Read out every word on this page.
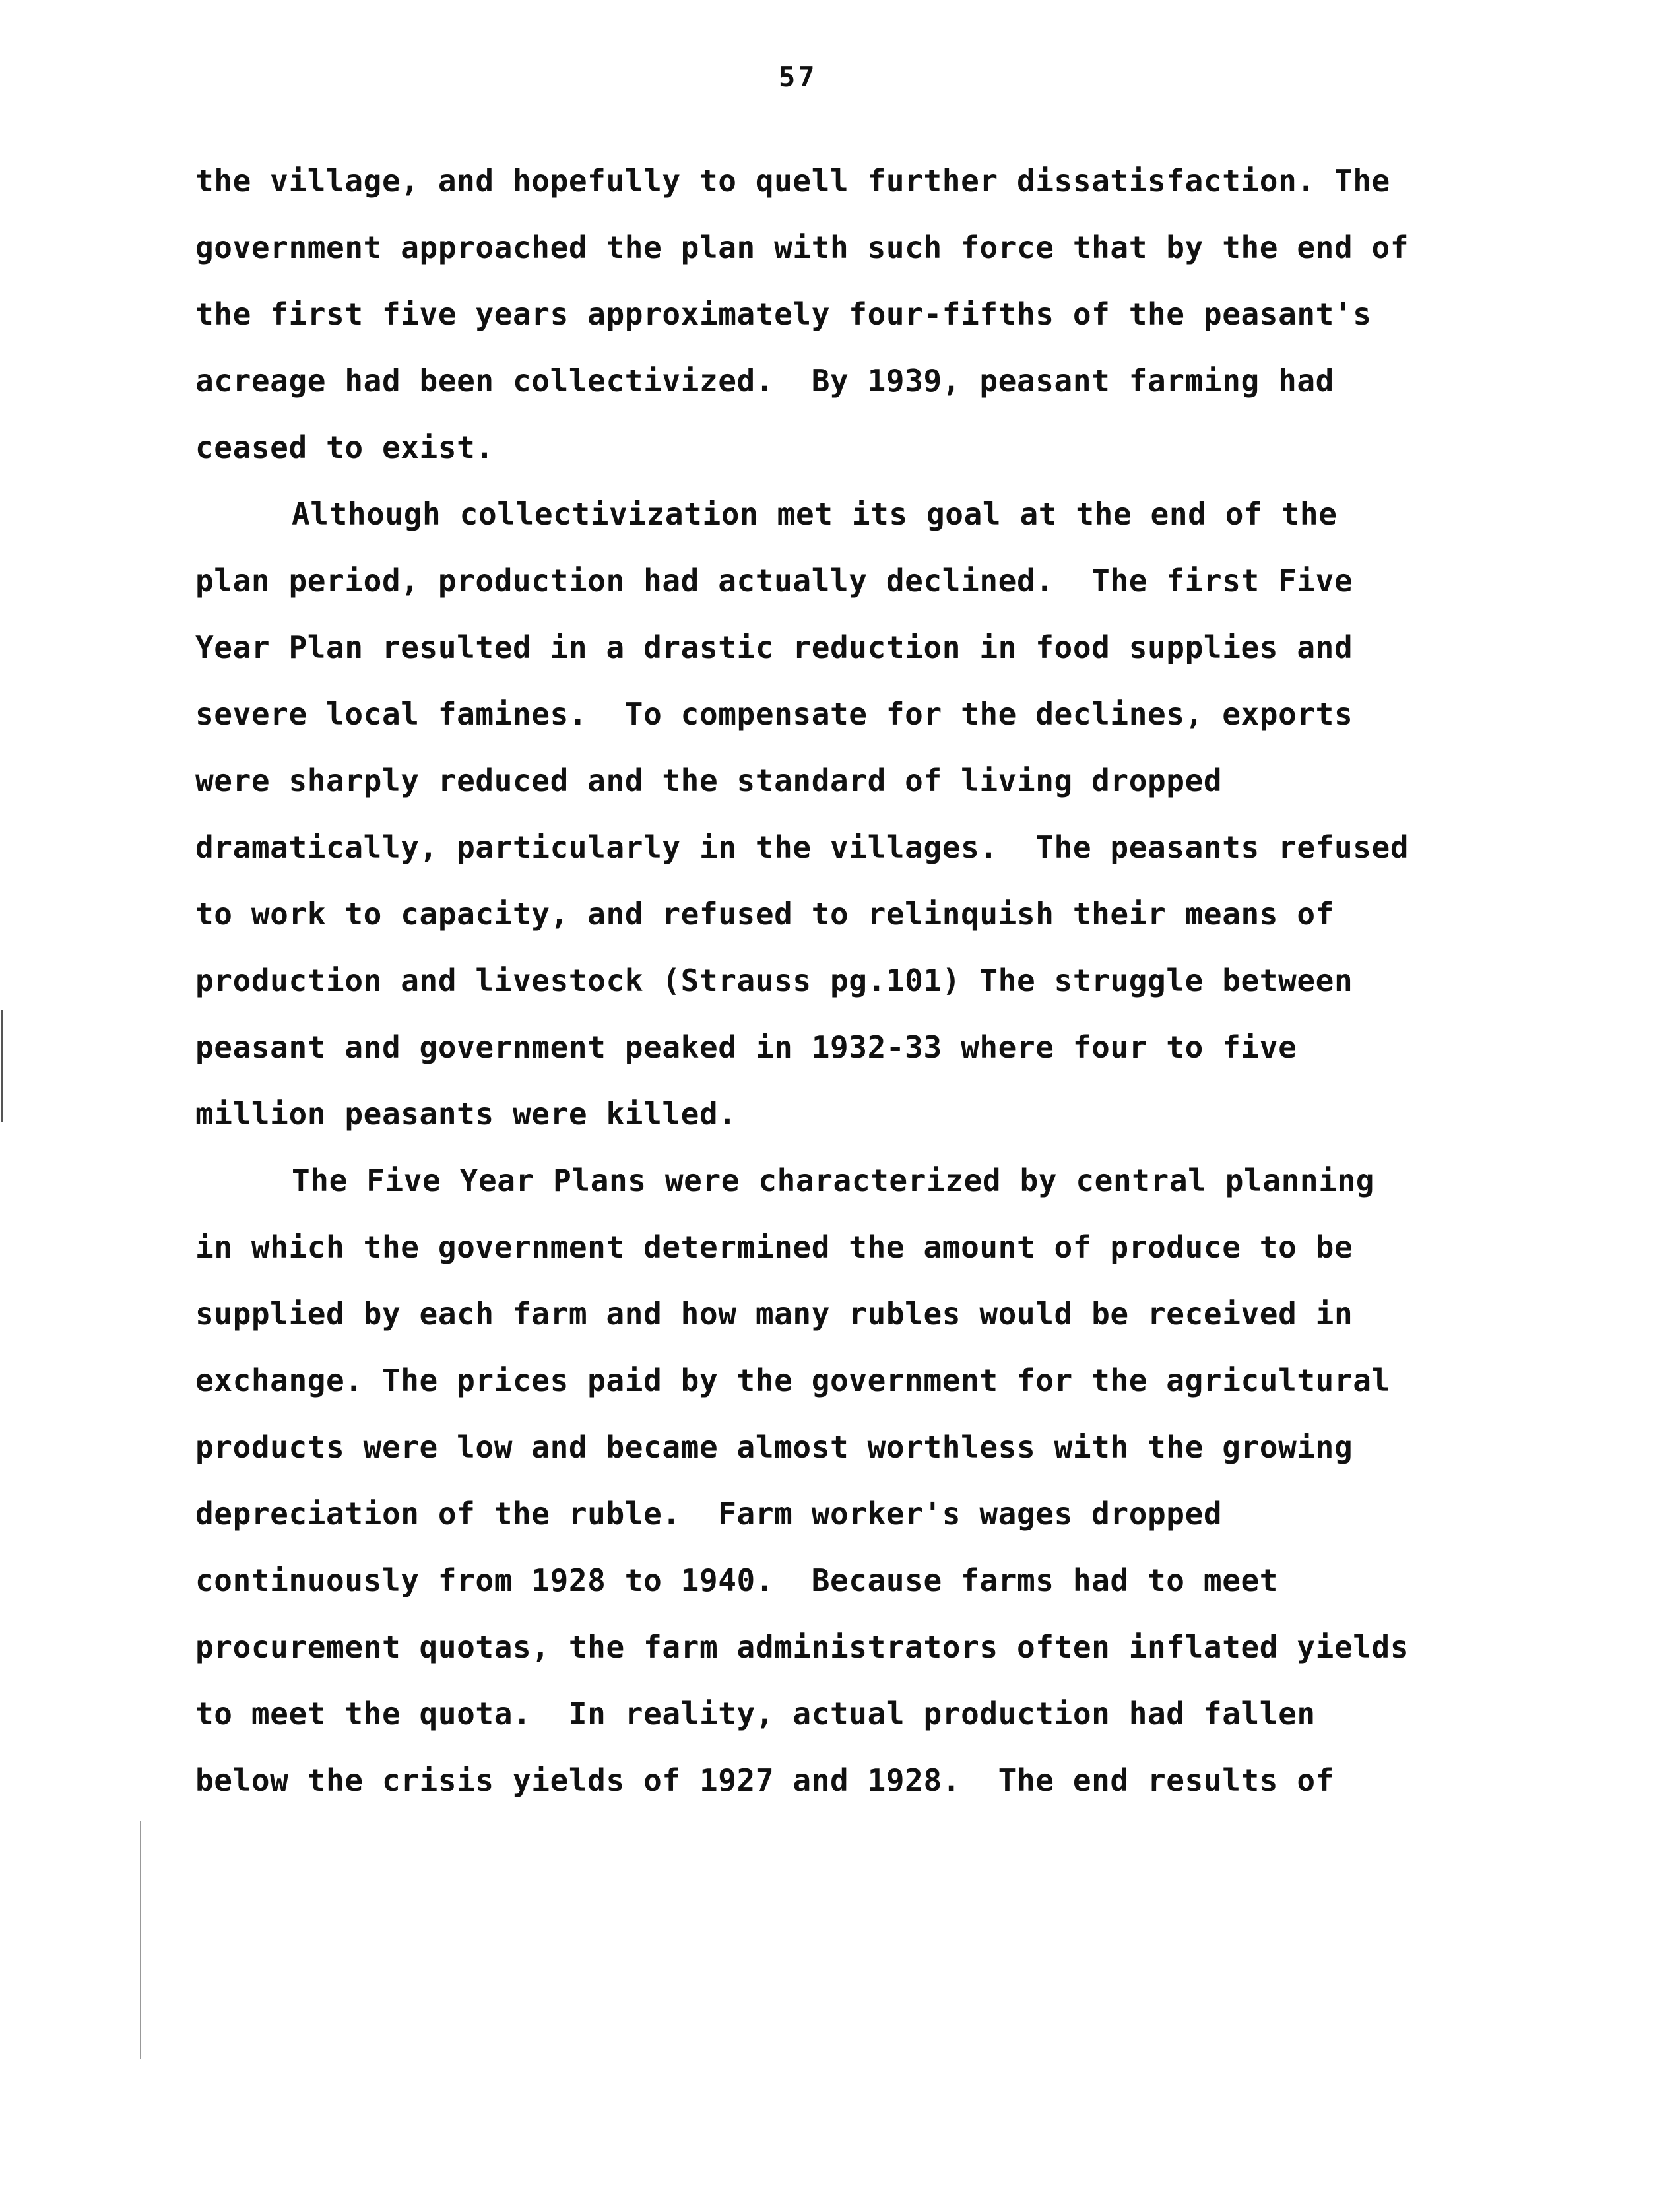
57
the village, and hopefully to quell further dissatisfaction. The
government approached the plan with such force that by the end of
the first five years approximately four-fifths of the peasant's
acreage had been collectivized.  By 1939, peasant farming had
ceased to exist.
Although collectivization met its goal at the end of the
plan period, production had actually declined.  The first Five
Year Plan resulted in a drastic reduction in food supplies and
severe local famines.  To compensate for the declines, exports
were sharply reduced and the standard of living dropped
dramatically, particularly in the villages.  The peasants refused
to work to capacity, and refused to relinquish their means of
production and livestock (Strauss pg.101) The struggle between
peasant and government peaked in 1932-33 where four to five
million peasants were killed.
The Five Year Plans were characterized by central planning
in which the government determined the amount of produce to be
supplied by each farm and how many rubles would be received in
exchange. The prices paid by the government for the agricultural
products were low and became almost worthless with the growing
depreciation of the ruble.  Farm worker's wages dropped
continuously from 1928 to 1940.  Because farms had to meet
procurement quotas, the farm administrators often inflated yields
to meet the quota.  In reality, actual production had fallen
below the crisis yields of 1927 and 1928.  The end results of
